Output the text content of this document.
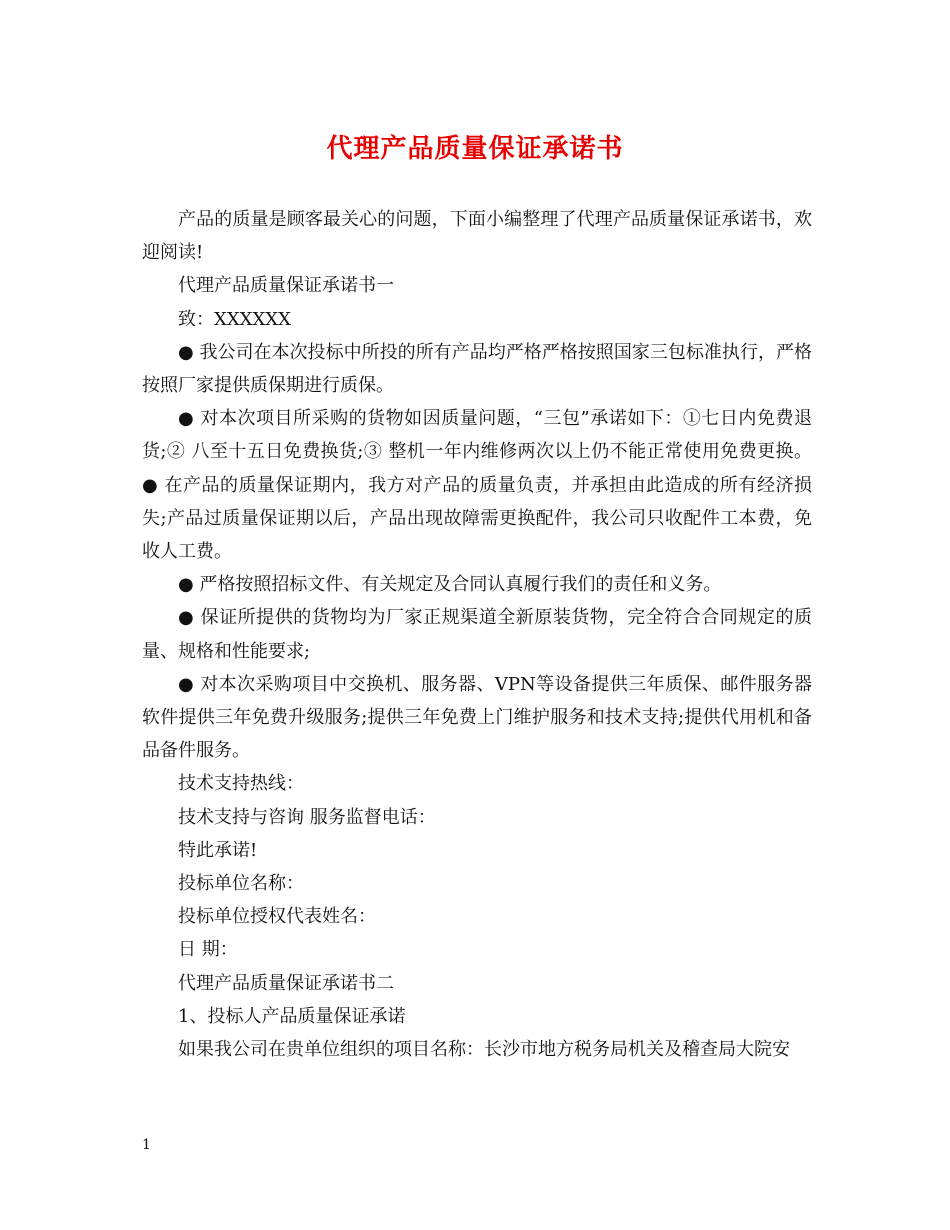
代理产品质量保证承诺书

产品的质量是顾客最关心的问题，下面小编整理了代理产品质量保证承诺书，欢迎阅读!

代理产品质量保证承诺书一

致：XXXXXX

● 我公司在本次投标中所投的所有产品均严格严格按照国家三包标准执行，严格按照厂家提供质保期进行质保。

● 对本次项目所采购的货物如因质量问题，“三包”承诺如下：①七日内免费退货;② 八至十五日免费换货;③ 整机一年内维修两次以上仍不能正常使用免费更换。 ● 在产品的质量保证期内，我方对产品的质量负责，并承担由此造成的所有经济损失;产品过质量保证期以后，产品出现故障需更换配件，我公司只收配件工本费，免收人工费。

● 严格按照招标文件、有关规定及合同认真履行我们的责任和义务。

● 保证所提供的货物均为厂家正规渠道全新原装货物，完全符合合同规定的质量、规格和性能要求;

● 对本次采购项目中交换机、服务器、VPN等设备提供三年质保、邮件服务器软件提供三年免费升级服务;提供三年免费上门维护服务和技术支持;提供代用机和备品备件服务。

技术支持热线：

技术支持与咨询 服务监督电话：

特此承诺!

投标单位名称：

投标单位授权代表姓名：

日 期：

代理产品质量保证承诺书二

1、投标人产品质量保证承诺

如果我公司在贵单位组织的项目名称：长沙市地方税务局机关及稽查局大院安

1
